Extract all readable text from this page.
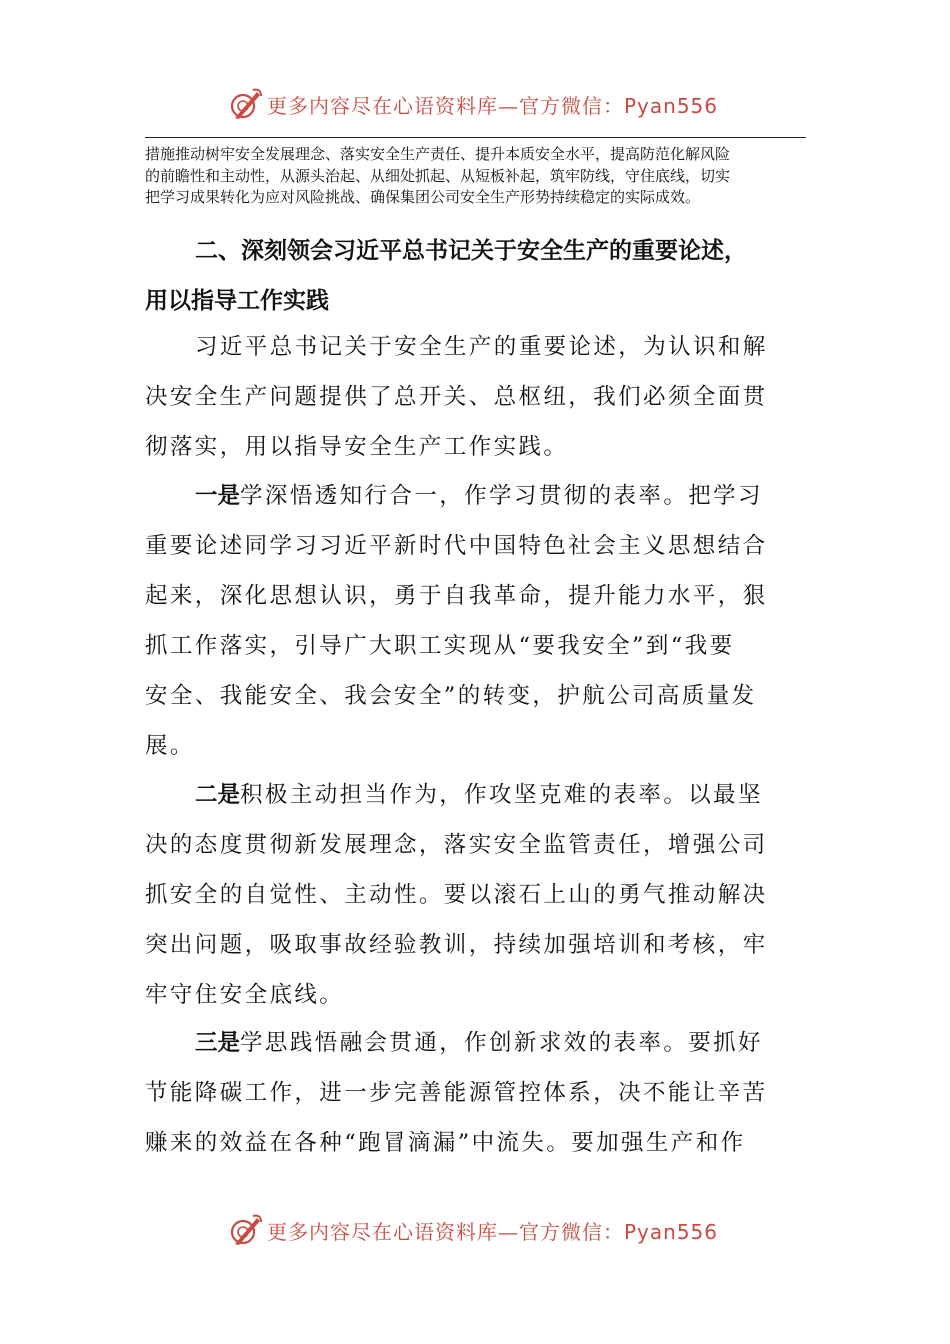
更多内容尽在心语资料库—官方微信：Pyan556

措施推动树牢安全发展理念、落实安全生产责任、提升本质安全水平，提高防范化解风险

的前瞻性和主动性，从源头治起、从细处抓起、从短板补起，筑牢防线，守住底线，切实

把学习成果转化为应对风险挑战、确保集团公司安全生产形势持续稳定的实际成效。

二、深刻领会习近平总书记关于安全生产的重要论述，
用以指导工作实践
习近平总书记关于安全生产的重要论述，为认识和解
决安全生产问题提供了总开关、总枢纽，我们必须全面贯
彻落实，用以指导安全生产工作实践。
一是学深悟透知行合一，作学习贯彻的表率。把学习
重要论述同学习习近平新时代中国特色社会主义思想结合
起来，深化思想认识，勇于自我革命，提升能力水平，狠
抓工作落实，引导广大职工实现从“要我安全”到“我要
安全、我能安全、我会安全”的转变，护航公司高质量发
展。
二是积极主动担当作为，作攻坚克难的表率。以最坚
决的态度贯彻新发展理念，落实安全监管责任，增强公司
抓安全的自觉性、主动性。要以滚石上山的勇气推动解决
突出问题，吸取事故经验教训，持续加强培训和考核，牢
牢守住安全底线。
三是学思践悟融会贯通，作创新求效的表率。要抓好
节能降碳工作，进一步完善能源管控体系，决不能让辛苦
赚来的效益在各种“跑冒滴漏”中流失。要加强生产和作
更多内容尽在心语资料库—官方微信：Pyan556
